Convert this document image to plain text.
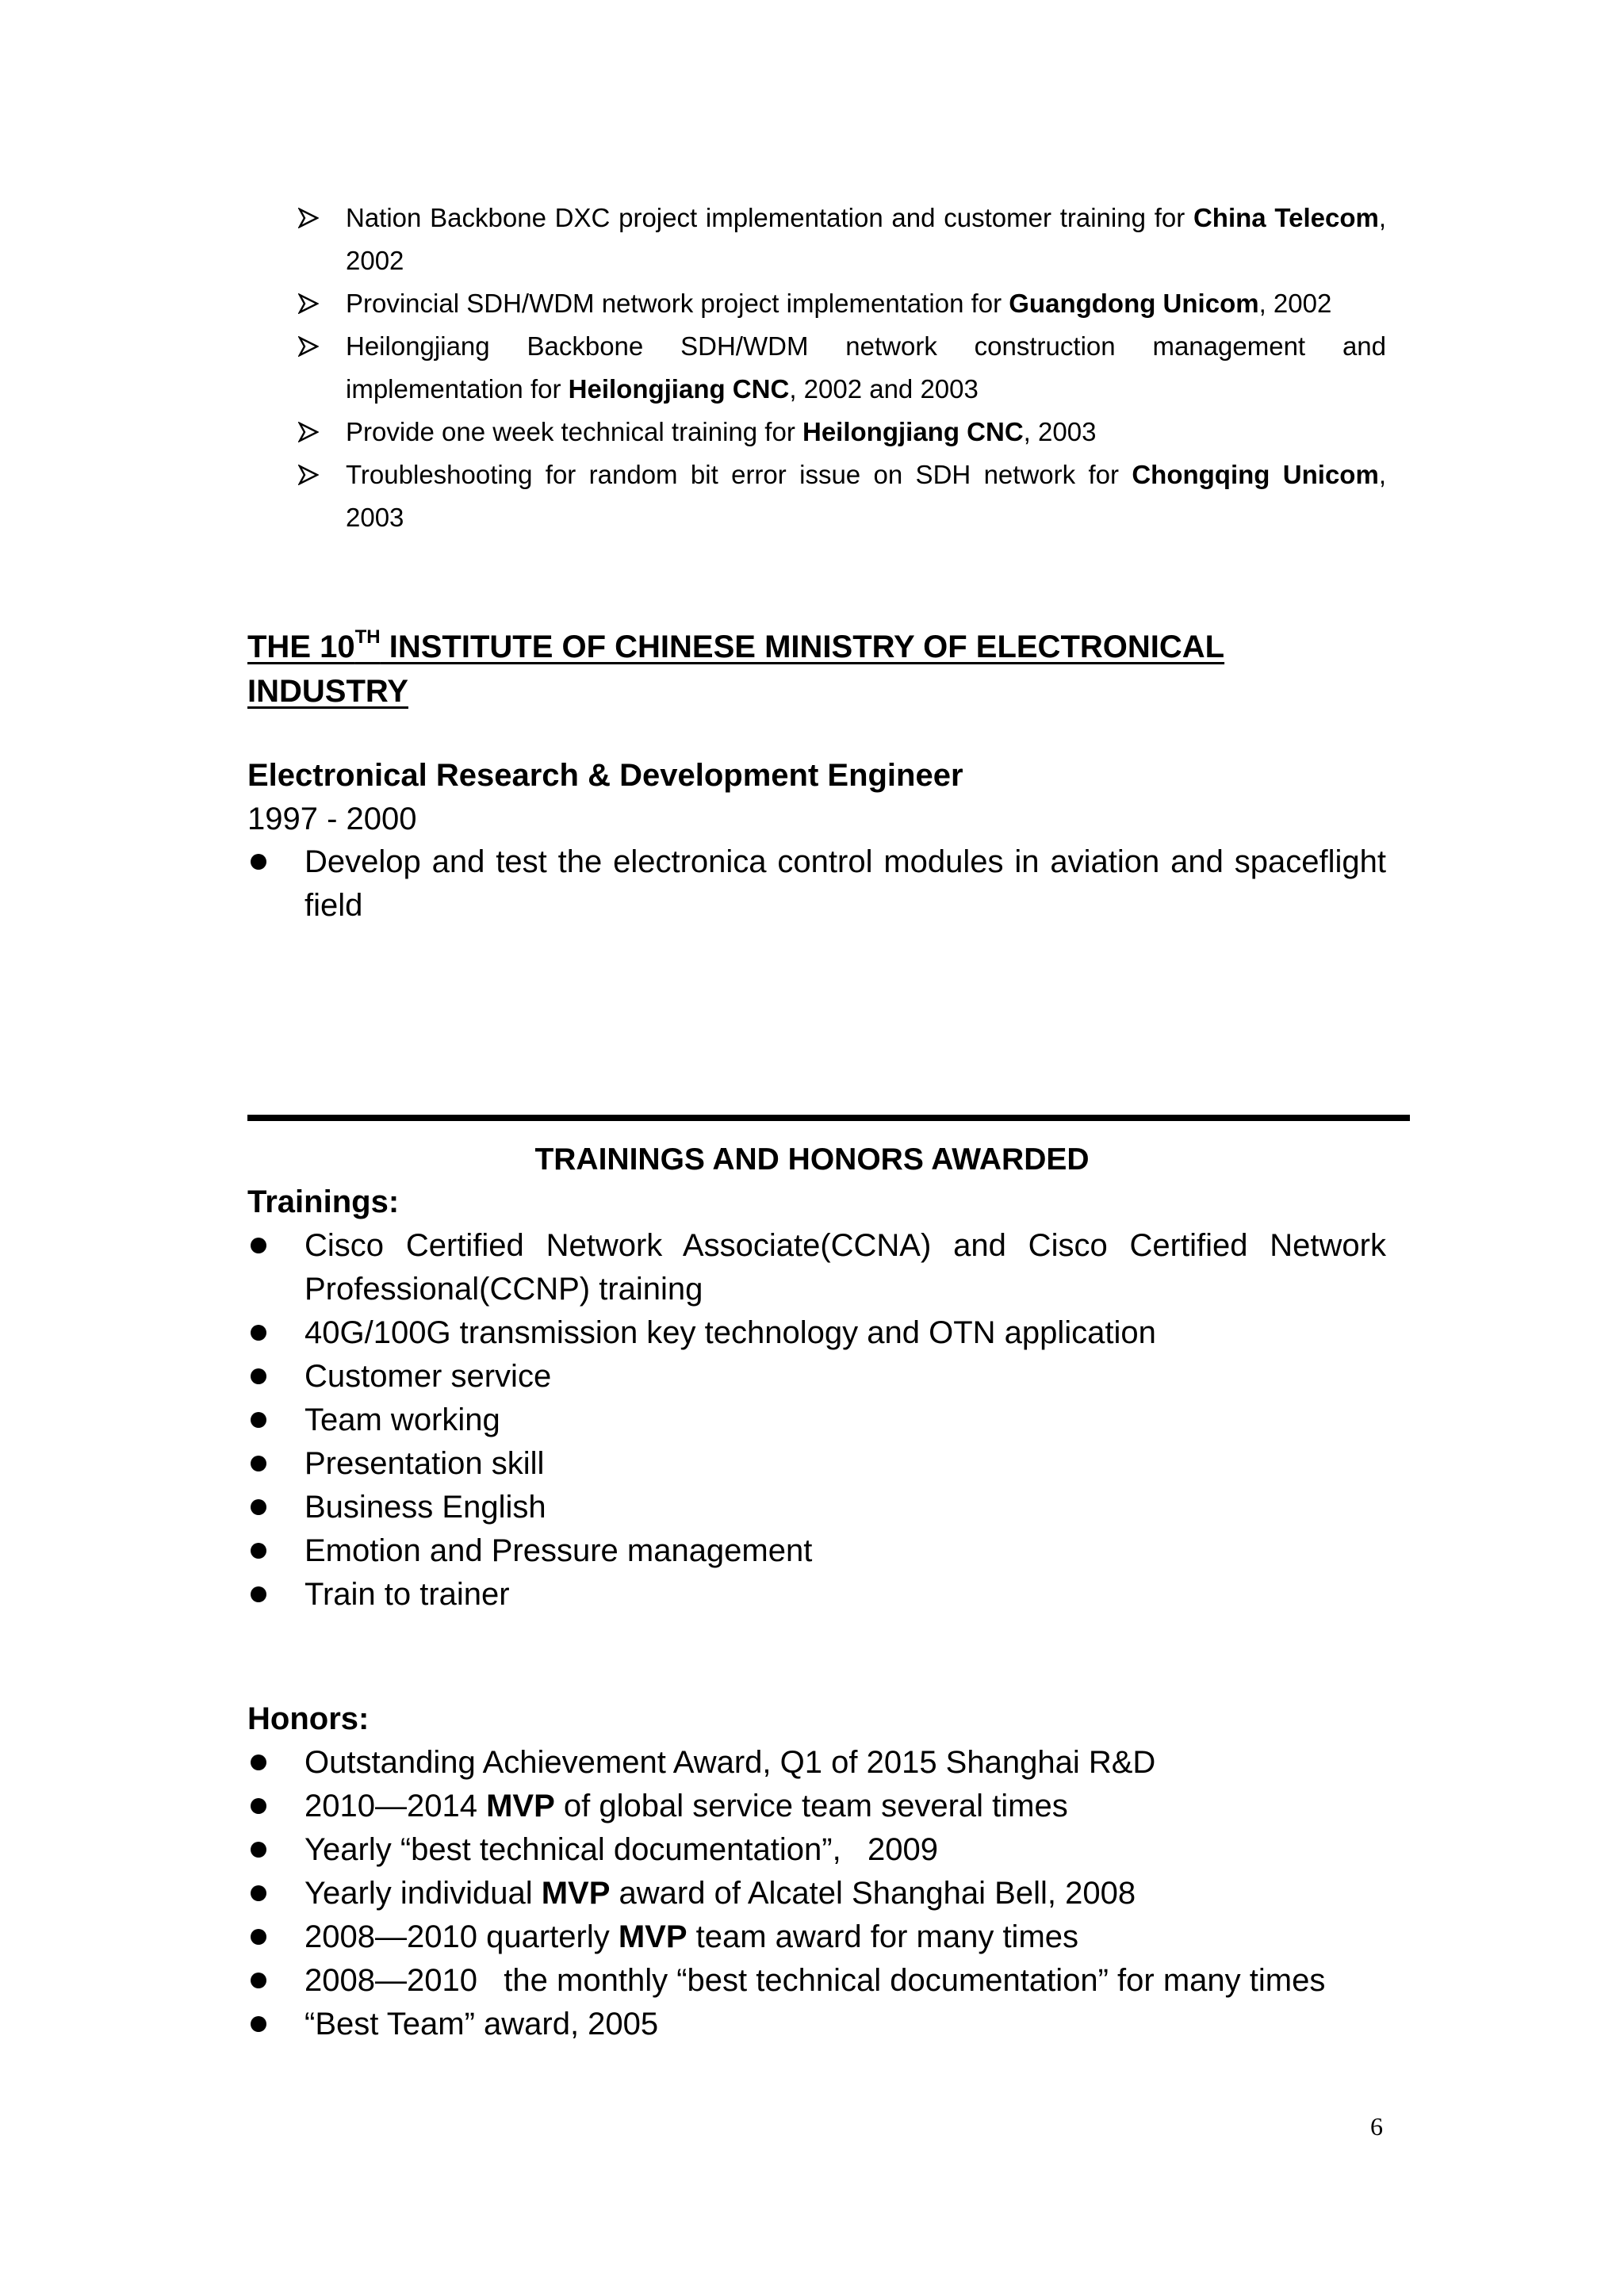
Nation Backbone DXC project implementation and customer training for China Telecom, 2002
Provincial SDH/WDM network project implementation for Guangdong Unicom, 2002
Heilongjiang Backbone SDH/WDM network construction management and implementation for Heilongjiang CNC, 2002 and 2003
Provide one week technical training for Heilongjiang CNC, 2003
Troubleshooting for random bit error issue on SDH network for Chongqing Unicom, 2003
THE 10TH INSTITUTE OF CHINESE MINISTRY OF ELECTRONICAL INDUSTRY

Electronical Research & Development Engineer

1997 - 2000

Develop and test the electronica control modules in aviation and spaceflight field
TRAININGS AND HONORS AWARDED
Trainings:
Cisco Certified Network Associate(CCNA) and Cisco Certified Network Professional(CCNP) training
40G/100G transmission key technology and OTN application
Customer service
Team working
Presentation skill
Business English
Emotion and Pressure management
Train to trainer
Honors:
Outstanding Achievement Award, Q1 of 2015 Shanghai R&D
2010—2014 MVP of global service team several times
Yearly “best technical documentation”,   2009
Yearly individual MVP award of Alcatel Shanghai Bell, 2008
2008—2010 quarterly MVP team award for many times
2008—2010   the monthly “best technical documentation” for many times
“Best Team” award, 2005
6
